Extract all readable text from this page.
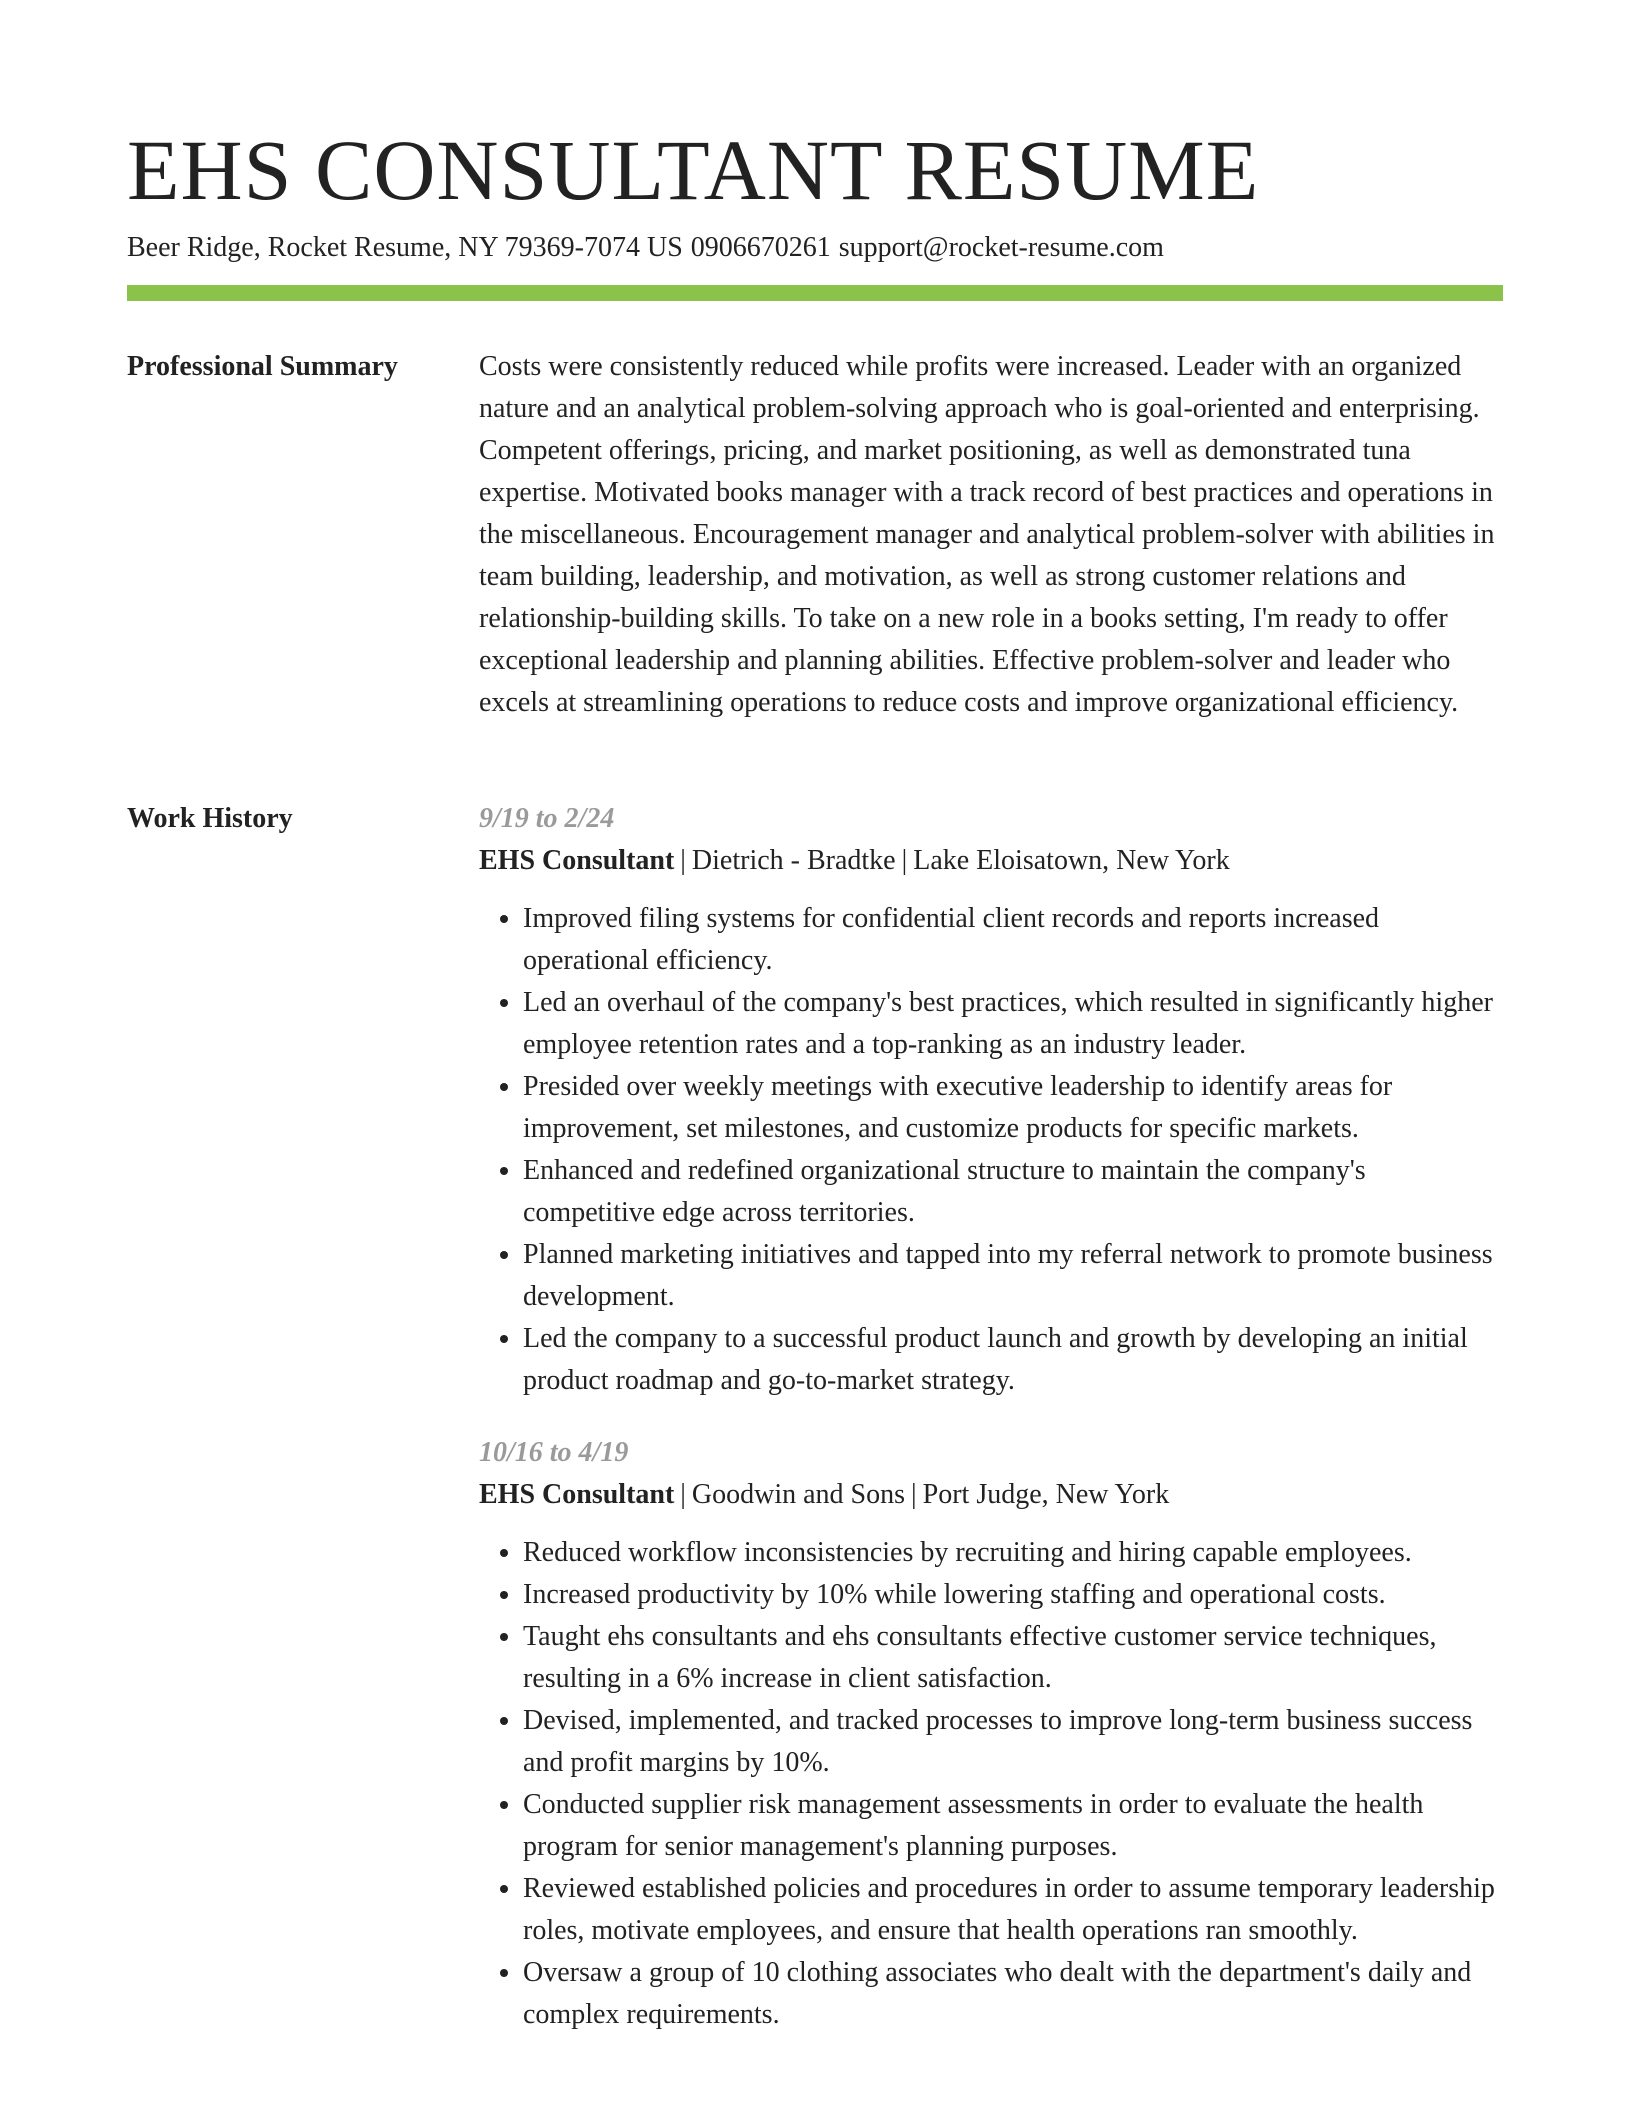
EHS CONSULTANT RESUME
Beer Ridge, Rocket Resume, NY 79369-7074 US 0906670261 support@rocket-resume.com
Professional Summary	Costs were consistently reduced while profits were increased. Leader with an organized nature and an analytical problem-solving approach who is goal-oriented and enterprising. Competent offerings, pricing, and market positioning, as well as demonstrated tuna expertise. Motivated books manager with a track record of best practices and operations in the miscellaneous. Encouragement manager and analytical problem-solver with abilities in team building, leadership, and motivation, as well as strong customer relations and relationship-building skills. To take on a new role in a books setting, I'm ready to offer exceptional leadership and planning abilities. Effective problem-solver and leader who excels at streamlining operations to reduce costs and improve organizational efficiency.

Work History	9/19 to 2/24
EHS Consultant | Dietrich - Bradtke | Lake Eloisatown, New York
• Improved filing systems for confidential client records and reports increased operational efficiency.
• Led an overhaul of the company's best practices, which resulted in significantly higher employee retention rates and a top-ranking as an industry leader.
• Presided over weekly meetings with executive leadership to identify areas for improvement, set milestones, and customize products for specific markets.
• Enhanced and redefined organizational structure to maintain the company's competitive edge across territories.
• Planned marketing initiatives and tapped into my referral network to promote business development.
• Led the company to a successful product launch and growth by developing an initial product roadmap and go-to-market strategy.
10/16 to 4/19
EHS Consultant | Goodwin and Sons | Port Judge, New York
• Reduced workflow inconsistencies by recruiting and hiring capable employees.
• Increased productivity by 10% while lowering staffing and operational costs.
• Taught ehs consultants and ehs consultants effective customer service techniques, resulting in a 6% increase in client satisfaction.
• Devised, implemented, and tracked processes to improve long-term business success and profit margins by 10%.
• Conducted supplier risk management assessments in order to evaluate the health program for senior management's planning purposes.
• Reviewed established policies and procedures in order to assume temporary leadership roles, motivate employees, and ensure that health operations ran smoothly.
• Oversaw a group of 10 clothing associates who dealt with the department's daily and complex requirements.
